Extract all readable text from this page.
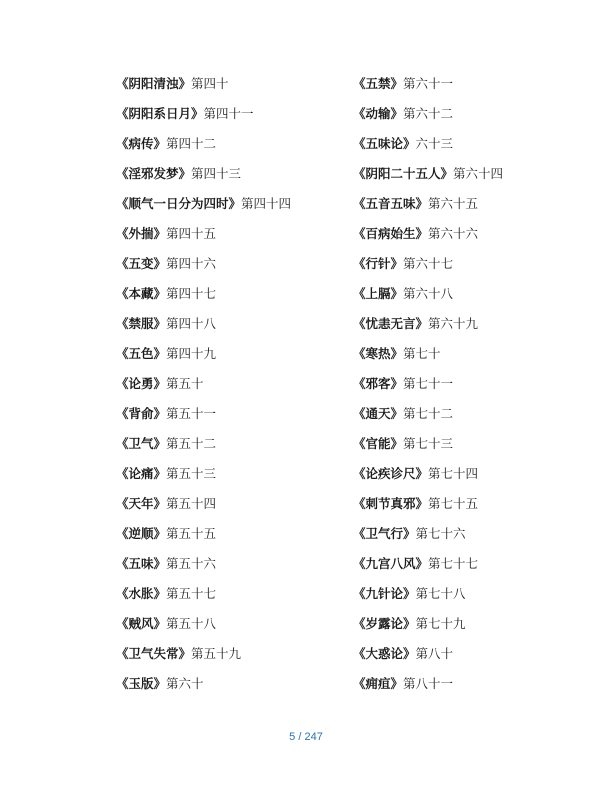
《阴阳清浊》第四十
《阴阳系日月》第四十一
《病传》第四十二
《淫邪发梦》第四十三
《顺气一日分为四时》第四十四
《外揣》第四十五
《五变》第四十六
《本藏》第四十七
《禁服》第四十八
《五色》第四十九
《论勇》第五十
《背俞》第五十一
《卫气》第五十二
《论痛》第五十三
《天年》第五十四
《逆顺》第五十五
《五味》第五十六
《水胀》第五十七
《贼风》第五十八
《卫气失常》第五十九
《玉版》第六十
《五禁》第六十一
《动输》第六十二
《五味论》六十三
《阴阳二十五人》第六十四
《五音五味》第六十五
《百病始生》第六十六
《行针》第六十七
《上膈》第六十八
《忧恚无言》第六十九
《寒热》第七十
《邪客》第七十一
《通天》第七十二
《官能》第七十三
《论疾诊尺》第七十四
《刺节真邪》第七十五
《卫气行》第七十六
《九宫八风》第七十七
《九针论》第七十八
《岁露论》第七十九
《大惑论》第八十
《痈疽》第八十一
5 / 247
